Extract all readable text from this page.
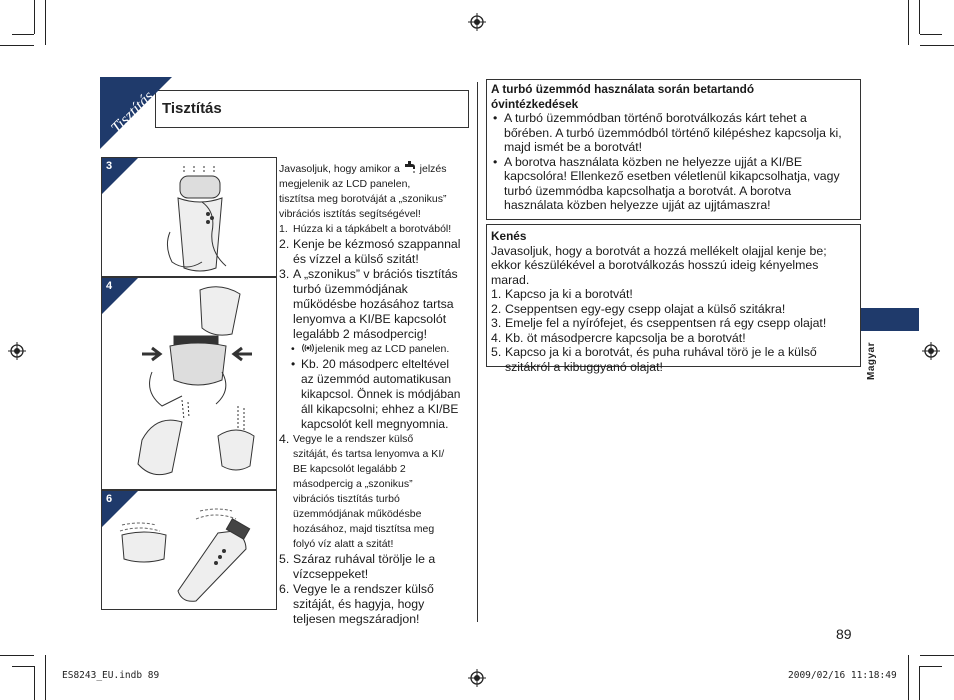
Tisztítás Tisztítás
3
4
6
Javasoljuk, hogy amikor a jelzés
megjelenik az LCD panelen,
tisztítsa meg borotváját a „szonikus”
vibrációs isztítás segítségével!
1. Húzza ki a tápkábelt a borotvából!
2. Kenje be kézmosó szappannal
és vízzel a külső szitát!
3. A „szonikus” v brációs tisztítás
turbó üzemmódjának
működésbe hozásához tartsa
lenyomva a KI/BE kapcsolót
legalább 2 másodpercig!
• jelenik meg az LCD panelen.
• Kb. 20 másodperc elteltével
az üzemmód automatikusan
kikapcsol. Önnek is módjában
áll kikapcsolni; ehhez a KI/BE
kapcsolót kell megnyomnia.
4. Vegye le a rendszer külső
szitáját, és tartsa lenyomva a KI/
BE kapcsolót legalább 2
másodpercig a „szonikus”
vibrációs tisztítás turbó
üzemmódjának működésbe
hozásához, majd tisztítsa meg
folyó víz alatt a szitát!
5. Száraz ruhával törölje le a
vízcseppeket!
6. Vegye le a rendszer külső
szitáját, és hagyja, hogy
teljesen megszáradjon!
A turbó üzemmód használata során betartandó
óvintézkedések
• A turbó üzemmódban történő borotválkozás kárt tehet a
bőrében. A turbó üzemmódból történő kilépéshez kapcsolja ki,
majd ismét be a borotvát!
• A borotva használata közben ne helyezze ujját a KI/BE
kapcsolóra! Ellenkező esetben véletlenül kikapcsolhatja, vagy
turbó üzemmódba kapcsolhatja a borotvát. A borotva
használata közben helyezze ujját az ujjtámaszra!
Kenés
Javasoljuk, hogy a borotvát a hozzá mellékelt olajjal kenje be;
ekkor készülékével a borotválkozás hosszú ideig kényelmes
marad.
1. Kapcso ja ki a borotvát!
2. Cseppentsen egy-egy csepp olajat a külső szitákra!
3. Emelje fel a nyírófejet, és cseppentsen rá egy csepp olajat!
4. Kb. öt másodpercre kapcsolja be a borotvát!
5. Kapcso ja ki a borotvát, és puha ruhával törö je le a külső
szitákról a kibuggyanó olajat!	Magyar
89
ES8243_EU.indb 89	2009/02/16 11:18:49
